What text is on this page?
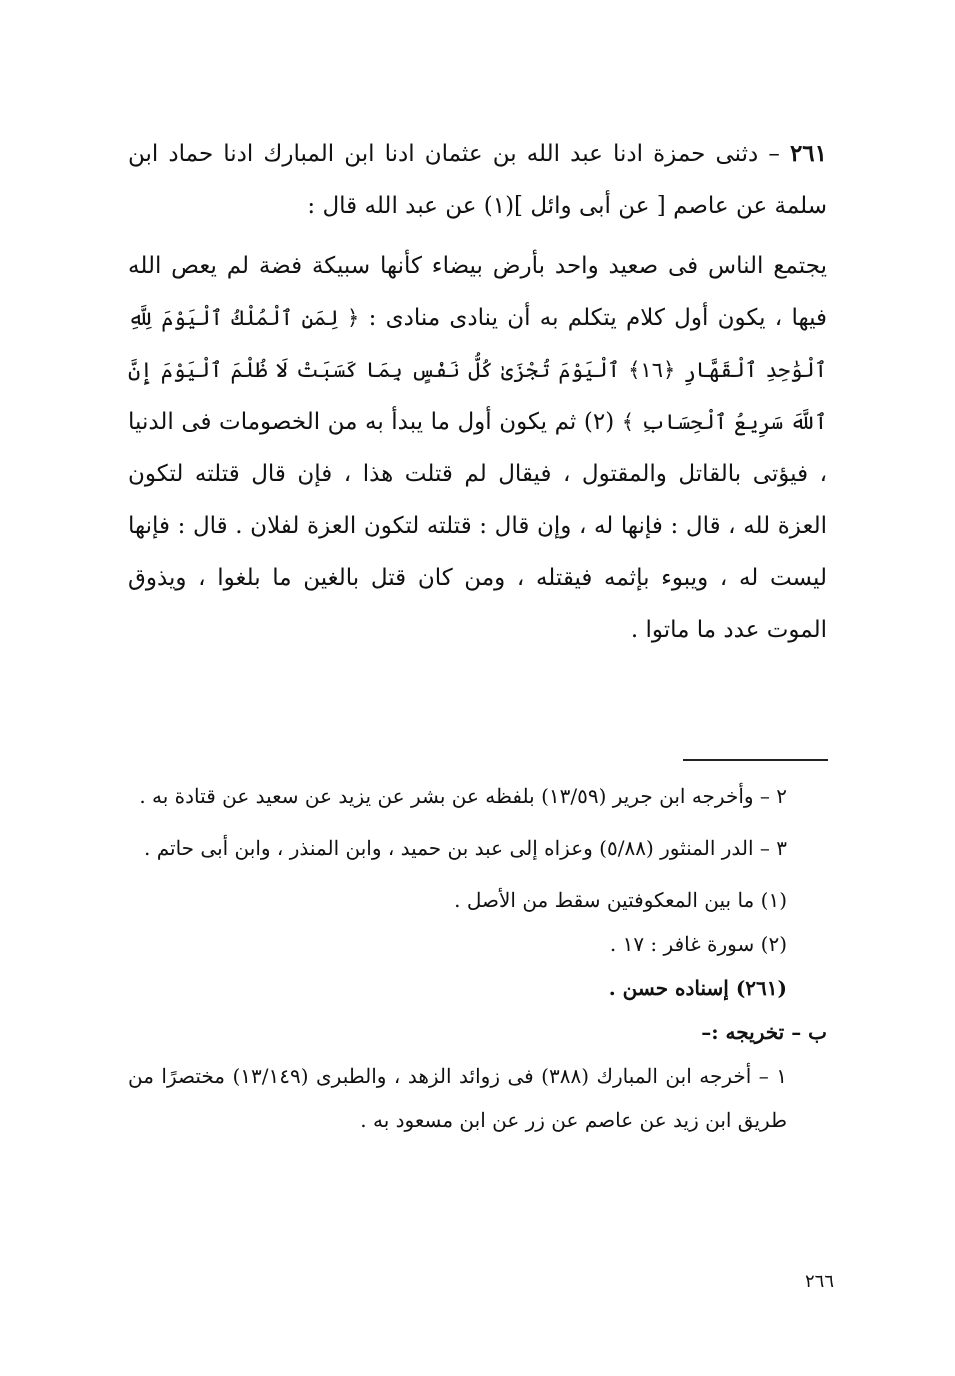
٢٦١ – دثنى حمزة ادنا عبد الله بن عثمان ادنا ابن المبارك ادنا حماد ابن سلمة عن عاصم [ عن أبى وائل ](١) عن عبد الله قال :

يجتمع الناس فى صعيد واحد بأرض بيضاء كأنها سبيكة فضة لم يعص الله فيها ، يكون أول كلام يتكلم به أن ينادى منادى : ﴿ لِمَنِ ٱلْمُلْكُ ٱلْيَوْمَ لِلَّهِ ٱلْوَٰحِدِ ٱلْقَهَّارِ ﴿١٦﴾ ٱلْيَوْمَ تُجْزَىٰ كُلُّ نَفْسٍ بِمَا كَسَبَتْ لَا ظُلْمَ ٱلْيَوْمَ إِنَّ ٱللَّهَ سَرِيعُ ٱلْحِسَابِ ﴾ (٢) ثم يكون أول ما يبدأ به من الخصومات فى الدنيا ، فيؤتى بالقاتل والمقتول ، فيقال لم قتلت هذا ، فإن قال قتلته لتكون العزة لله ، قال : فإنها له ، وإن قال : قتلته لتكون العزة لفلان . قال : فإنها ليست له ، ويبوء بإثمه فيقتله ، ومن كان قتل بالغين ما بلغوا ، ويذوق الموت عدد ما ماتوا .

٢ – وأخرجه ابن جرير (١٣/٥٩) بلفظه عن بشر عن يزيد عن سعيد عن قتادة به .

٣ – الدر المنثور (٥/٨٨) وعزاه إلى عبد بن حميد ، وابن المنذر ، وابن أبى حاتم .

(١) ما بين المعكوفتين سقط من الأصل .

(٢) سورة غافر : ١٧ .

(٢٦١) إسناده حسن .

ب – تخريجه :–

١ – أخرجه ابن المبارك (٣٨٨) فى زوائد الزهد ، والطبرى (١٣/١٤٩) مختصرًا من طريق ابن زيد عن عاصم عن زر عن ابن مسعود به .

٢٦٦
